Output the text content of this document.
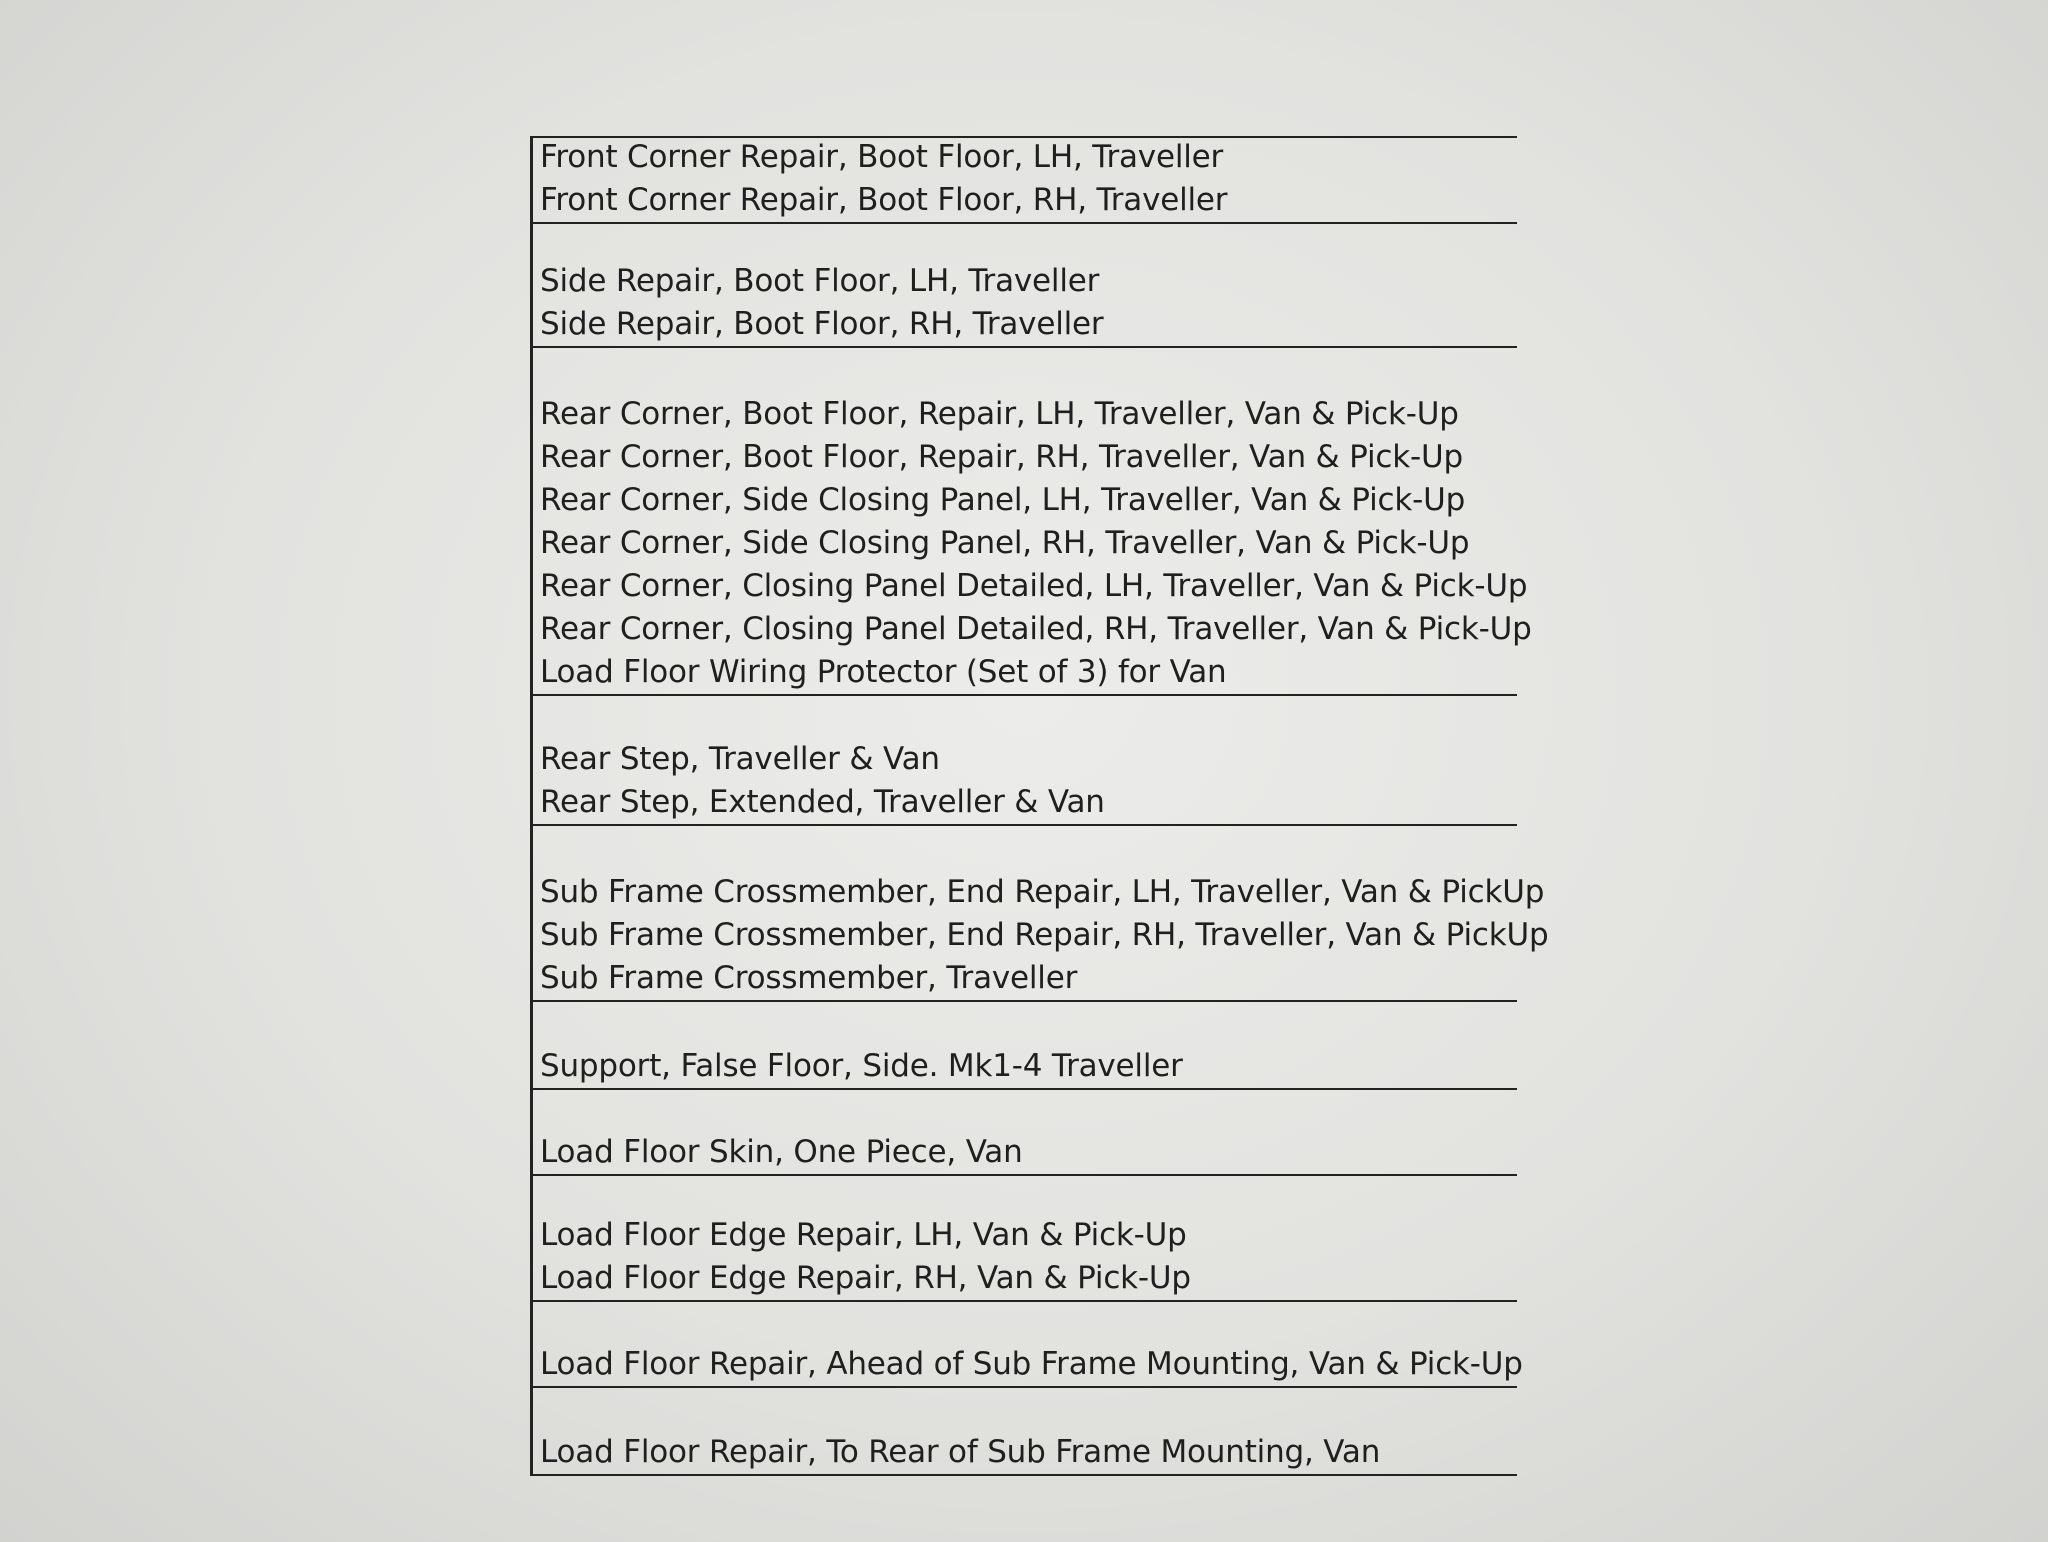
Front Corner Repair, Boot Floor, LH, Traveller
Front Corner Repair, Boot Floor, RH, Traveller
Side Repair, Boot Floor, LH, Traveller
Side Repair, Boot Floor, RH, Traveller
Rear Corner, Boot Floor, Repair, LH, Traveller, Van & Pick-Up
Rear Corner, Boot Floor, Repair, RH, Traveller, Van & Pick-Up
Rear Corner, Side Closing Panel, LH, Traveller, Van & Pick-Up
Rear Corner, Side Closing Panel, RH, Traveller, Van & Pick-Up
Rear Corner, Closing Panel Detailed, LH, Traveller, Van & Pick-Up
Rear Corner, Closing Panel Detailed, RH, Traveller, Van & Pick-Up
Load Floor Wiring Protector (Set of 3) for Van
Rear Step, Traveller & Van
Rear Step, Extended, Traveller & Van
Sub Frame Crossmember, End Repair, LH, Traveller, Van & PickUp
Sub Frame Crossmember, End Repair, RH, Traveller, Van & PickUp
Sub Frame Crossmember, Traveller
Support, False Floor, Side. Mk1-4 Traveller
Load Floor Skin, One Piece, Van
Load Floor Edge Repair, LH, Van & Pick-Up
Load Floor Edge Repair, RH, Van & Pick-Up
Load Floor Repair, Ahead of Sub Frame Mounting, Van & Pick-Up
Load Floor Repair, To Rear of Sub Frame Mounting, Van
